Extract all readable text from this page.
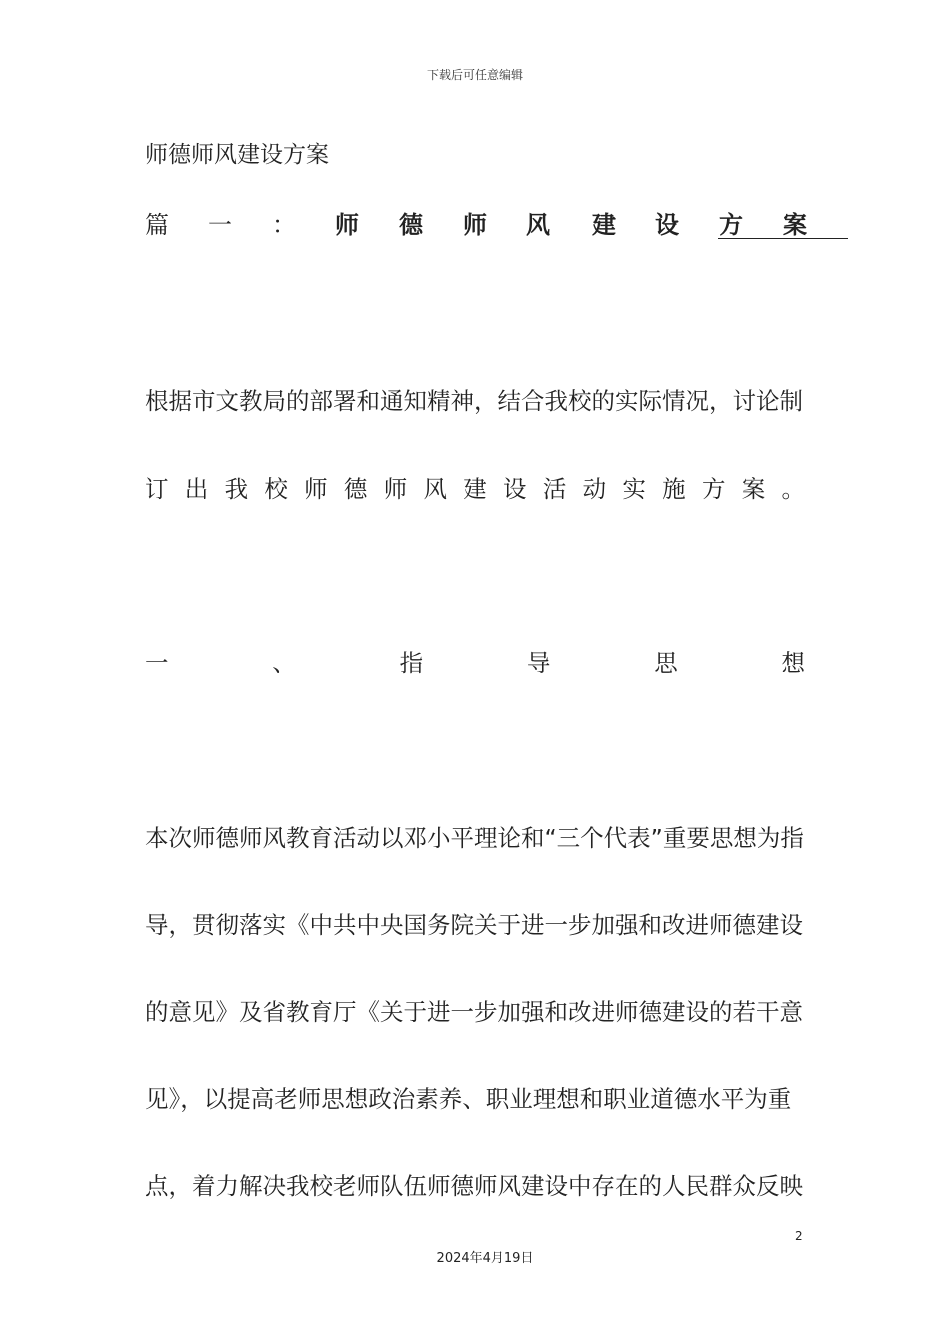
下载后可任意编辑
师德师风建设方案
篇 一 ： 师 德 师 风 建 设 方 案
根据市文教局的部署和通知精神，结合我校的实际情况，讨论制
订 出 我 校 师 德 师 风 建 设 活 动 实 施 方 案 。
一	、	指	导	思	想
本次师德师风教育活动以邓小平理论和“三个代表”重要思想为指
导，贯彻落实《中共中央国务院关于进一步加强和改进师德建设
的意见》及省教育厅《关于进一步加强和改进师德建设的若干意
见》，以提高老师思想政治素养、职业理想和职业道德水平为重
点，着力解决我校老师队伍师德师风建设中存在的人民群众反映
2
2024年4月19日
